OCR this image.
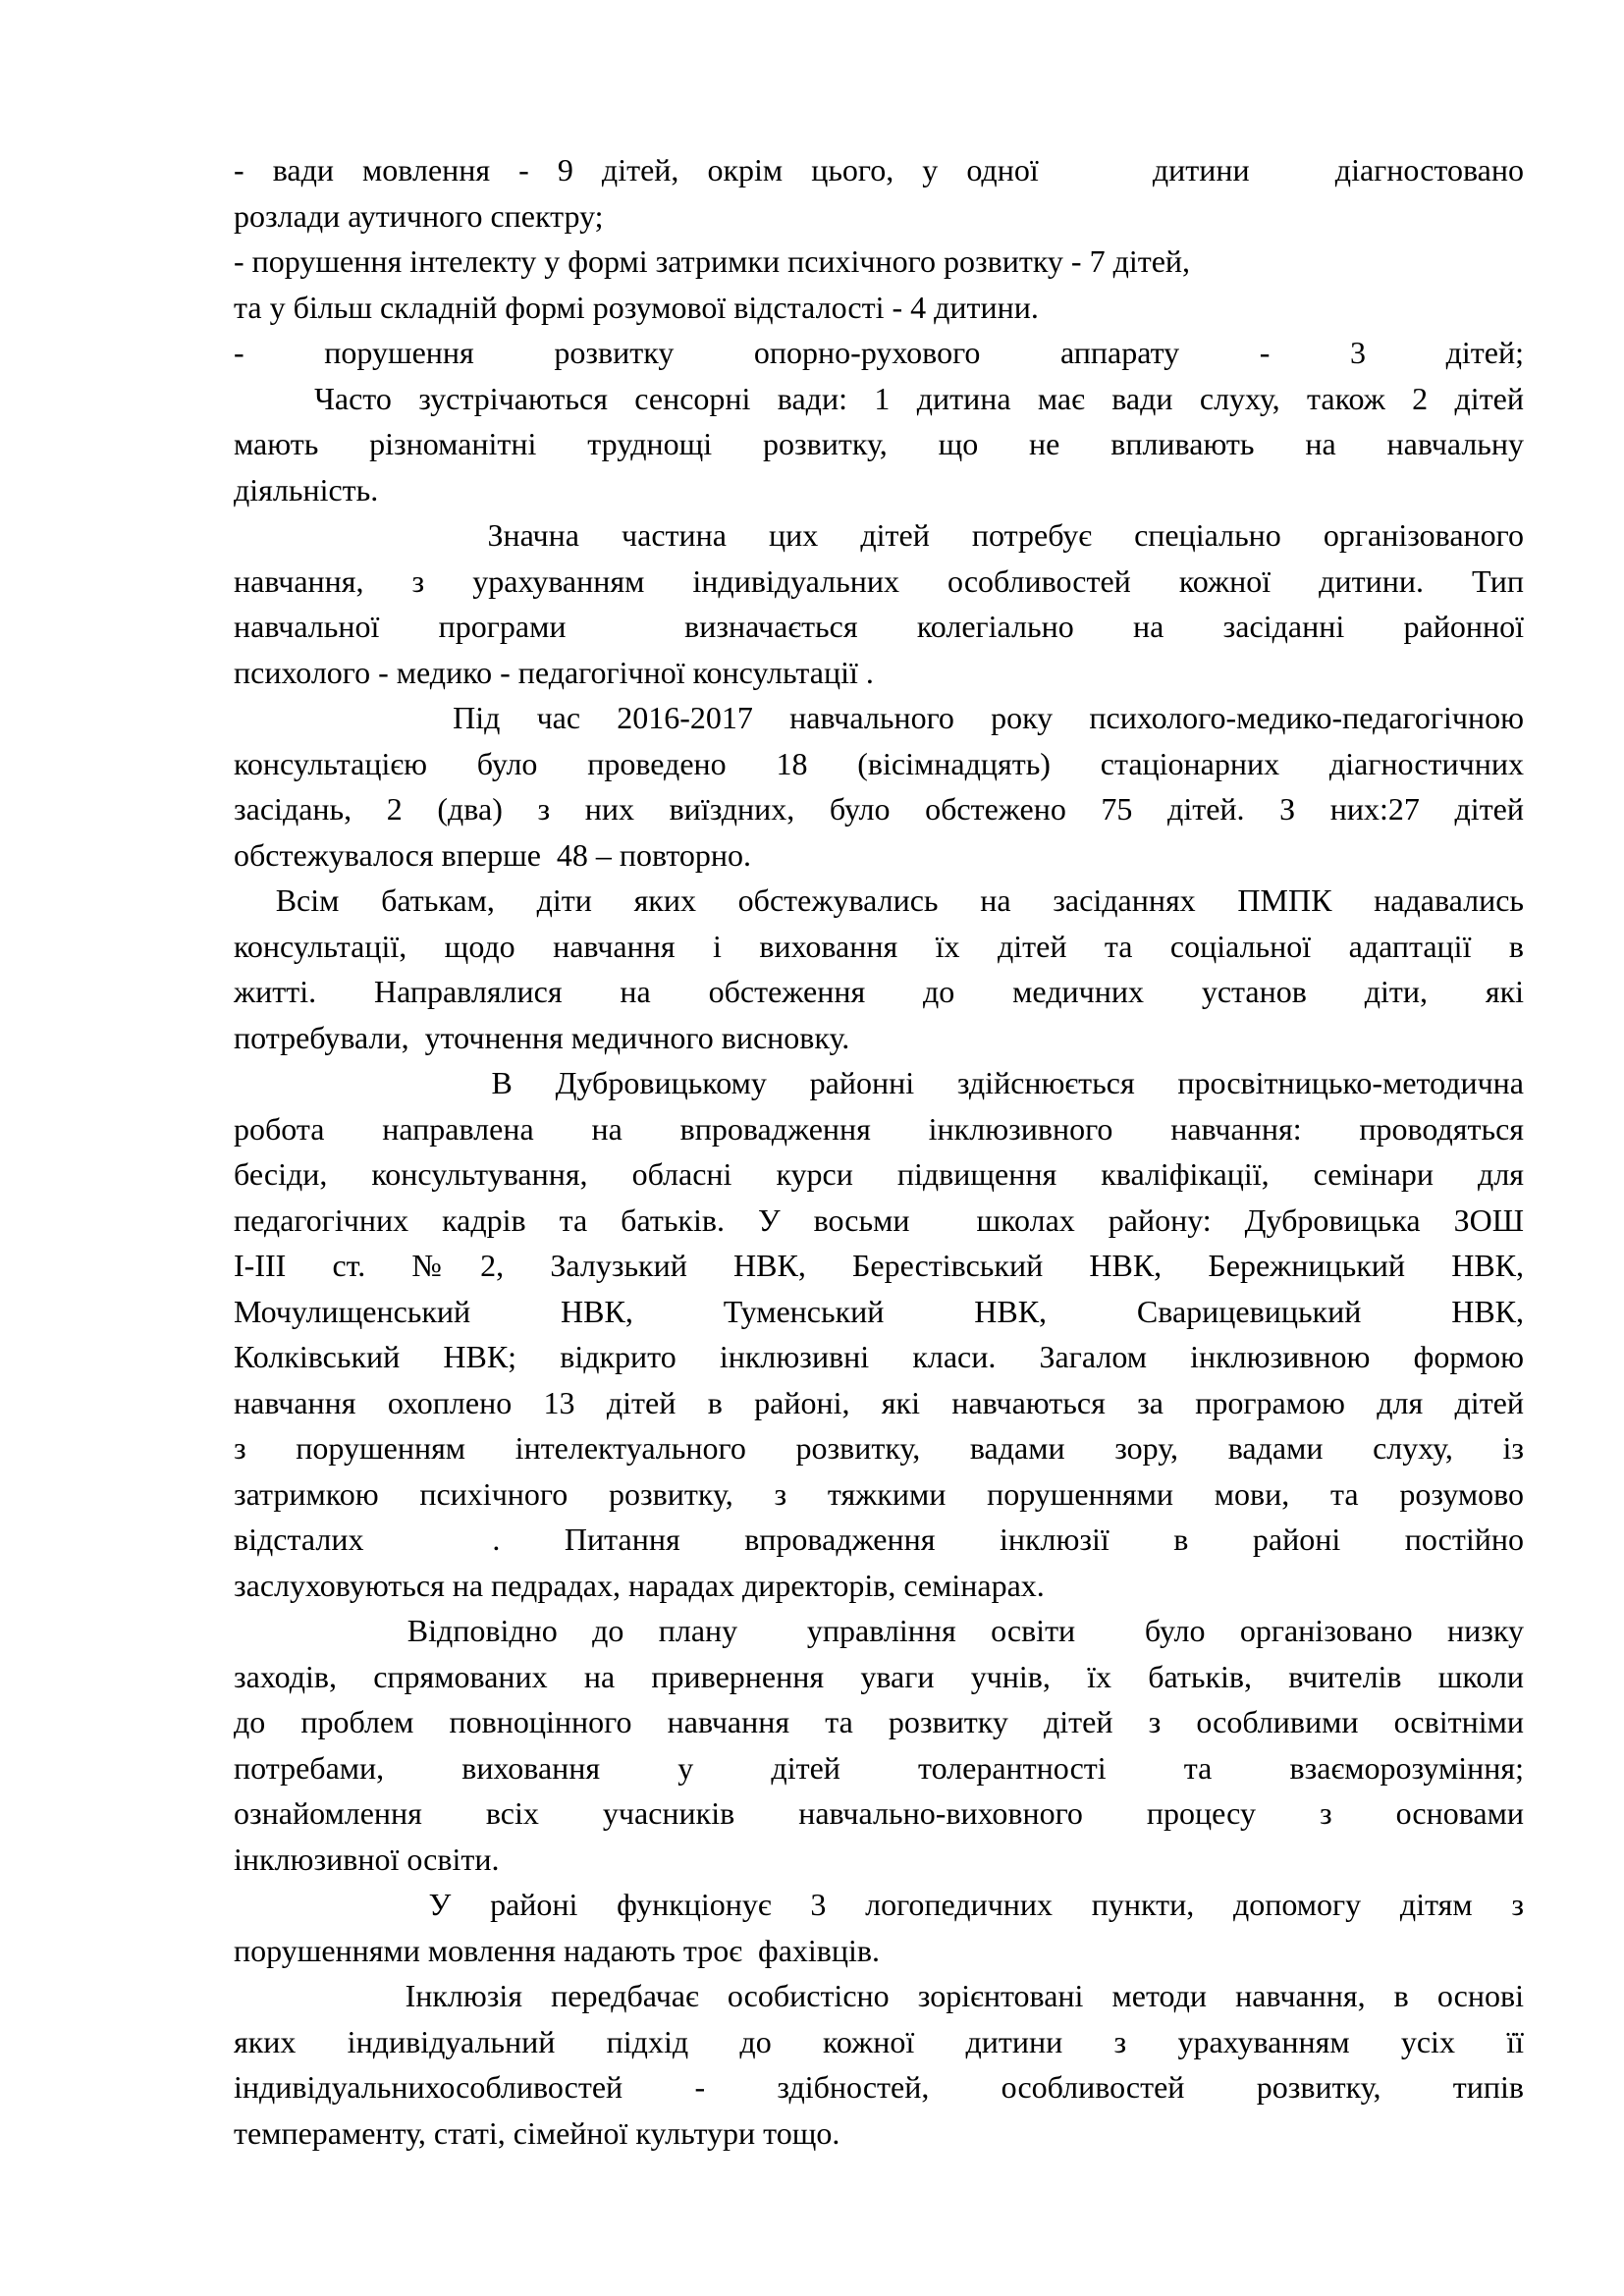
- вади мовлення - 9 дітей, окрім цього, у одної    дитини   діагностовано
розлади аутичного спектру;
- порушення інтелекту у формі затримки психічного розвитку - 7 дітей,
та у більш складній формі розумової відсталості - 4 дитини.
-   порушення   розвитку   опорно-рухового   аппарату   -   3   дітей;
Часто зустрічаються сенсорні вади: 1 дитина має вади слуху, також 2 дітей
мають різноманітні труднощі розвитку, що не впливають на навчальну
діяльність.
Значна частина цих дітей потребує спеціально організованого
навчання, з урахуванням індивідуальних особливостей кожної дитини. Тип
навчальної програми  визначається колегіально на засіданні районної
психолого - медико - педагогічної консультації .
Під час 2016-2017 навчального року психолого-медико-педагогічною
консультацією було проведено 18 (вісімнадцять) стаціонарних діагностичних
засідань, 2 (два) з них виїздних, було обстежено 75 дітей. З них:27 дітей
обстежувалося вперше  48 – повторно.
Всім батькам, діти яких обстежувались на засіданнях ПМПК надавались
консультації, щодо навчання і виховання їх дітей та соціальної адаптації в
житті. Направлялися на обстеження до медичних установ діти, які
потребували,  уточнення медичного висновку.
В Дубровицькому районні здійснюється просвітницько-методична
робота направлена на впровадження інклюзивного навчання: проводяться
бесіди, консультування, обласні курси підвищення кваліфікації, семінари для
педагогічних кадрів та батьків. У восьми  школах району: Дубровицька ЗОШ
І-ІІІ ст. №2, Залузький НВК, Берестівський НВК, Бережницький НВК,
Мочулищенський НВК, Туменський НВК, Сварицевицький НВК,
Колківський НВК; відкрито інклюзивні класи. Загалом інклюзивною формою
навчання охоплено 13 дітей в районі, які навчаються за програмою для дітей
з порушенням інтелектуального розвитку, вадами зору, вадами слуху, із
затримкою психічного розвитку, з тяжкими порушеннями мови, та розумово
відсталих  . Питання впровадження інклюзії в районі постійно
заслуховуються на педрадах, нарадах директорів, семінарах.
Відповідно до плану  управління освіти  було організовано низку
заходів, спрямованих на привернення уваги учнів, їх батьків, вчителів школи
до проблем повноцінного навчання та розвитку дітей з особливими освітніми
потребами, виховання у дітей толерантності та взаєморозуміння;
ознайомлення всіх учасників навчально-виховного процесу з основами
інклюзивної освіти.
У районі функціонує 3 логопедичних пункти, допомогу дітям з
порушеннями мовлення надають троє  фахівців.
Інклюзія передбачає особистісно зорієнтовані методи навчання, в основі
яких індивідуальний підхід до кожної дитини з урахуванням усіх її
індивідуальнихособливостей - здібностей, особливостей розвитку, типів
темпераменту, статі, сімейної культури тощо.
